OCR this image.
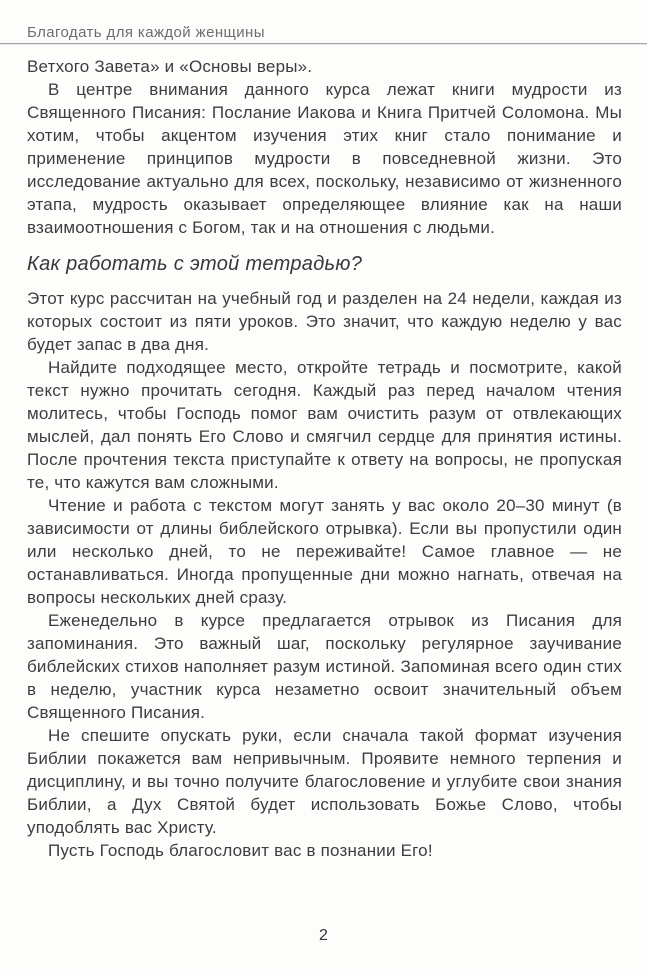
Благодать для каждой женщины

Ветхого Завета» и «Основы веры».

В центре внимания данного курса лежат книги мудрости из Священного Писания: Послание Иакова и Книга Притчей Соломона. Мы хотим, чтобы акцентом изучения этих книг стало понимание и применение принципов мудрости в повседневной жизни. Это исследование актуально для всех, поскольку, независимо от жизненного этапа, мудрость оказывает определяющее влияние как на наши взаимоотношения с Богом, так и на отношения с людьми.

Как работать с этой тетрадью?

Этот курс рассчитан на учебный год и разделен на 24 недели, каждая из которых состоит из пяти уроков. Это значит, что каждую неделю у вас будет запас в два дня.

Найдите подходящее место, откройте тетрадь и посмотрите, какой текст нужно прочитать сегодня. Каждый раз перед началом чтения молитесь, чтобы Господь помог вам очистить разум от отвлекающих мыслей, дал понять Его Слово и смягчил сердце для принятия истины. После прочтения текста приступайте к ответу на вопросы, не пропуская те, что кажутся вам сложными.

Чтение и работа с текстом могут занять у вас около 20–30 минут (в зависимости от длины библейского отрывка). Если вы пропустили один или несколько дней, то не переживайте! Самое главное — не останавливаться. Иногда пропущенные дни можно нагнать, отвечая на вопросы нескольких дней сразу.

Еженедельно в курсе предлагается отрывок из Писания для запоминания. Это важный шаг, поскольку регулярное заучивание библейских стихов наполняет разум истиной. Запоминая всего один стих в неделю, участник курса незаметно освоит значительный объем Священного Писания.

Не спешите опускать руки, если сначала такой формат изучения Библии покажется вам непривычным. Проявите немного терпения и дисциплину, и вы точно получите благословение и углубите свои знания Библии, а Дух Святой будет использовать Божье Слово, чтобы уподоблять вас Христу.

Пусть Господь благословит вас в познании Его!

2
